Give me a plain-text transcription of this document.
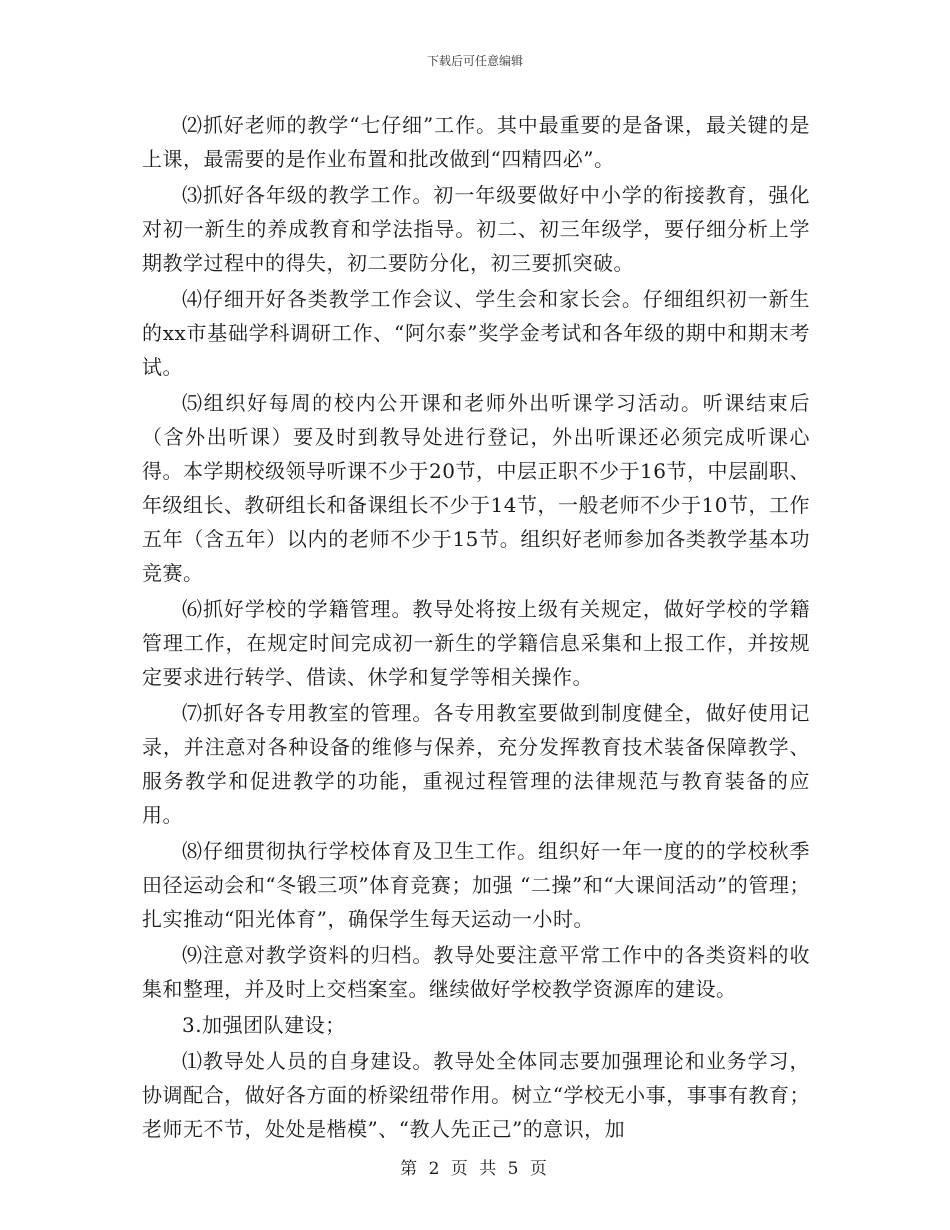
下载后可任意编辑

⑵抓好老师的教学“七仔细”工作。其中最重要的是备课，最关键的是上课，最需要的是作业布置和批改做到“四精四必”。

⑶抓好各年级的教学工作。初一年级要做好中小学的衔接教育，强化对初一新生的养成教育和学法指导。初二、初三年级学，要仔细分析上学期教学过程中的得失，初二要防分化，初三要抓突破。

⑷仔细开好各类教学工作会议、学生会和家长会。仔细组织初一新生的xx市基础学科调研工作、“阿尔泰”奖学金考试和各年级的期中和期末考试。

⑸组织好每周的校内公开课和老师外出听课学习活动。听课结束后（含外出听课）要及时到教导处进行登记，外出听课还必须完成听课心得。本学期校级领导听课不少于20节，中层正职不少于16节，中层副职、年级组长、教研组长和备课组长不少于14节，一般老师不少于10节，工作五年（含五年）以内的老师不少于15节。组织好老师参加各类教学基本功竞赛。

⑹抓好学校的学籍管理。教导处将按上级有关规定，做好学校的学籍管理工作，在规定时间完成初一新生的学籍信息采集和上报工作，并按规定要求进行转学、借读、休学和复学等相关操作。

⑺抓好各专用教室的管理。各专用教室要做到制度健全，做好使用记录，并注意对各种设备的维修与保养，充分发挥教育技术装备保障教学、服务教学和促进教学的功能，重视过程管理的法律规范与教育装备的应用。

⑻仔细贯彻执行学校体育及卫生工作。组织好一年一度的的学校秋季田径运动会和“冬锻三项”体育竞赛；加强 “二操”和“大课间活动”的管理；扎实推动“阳光体育”，确保学生每天运动一小时。

⑼注意对教学资料的归档。教导处要注意平常工作中的各类资料的收集和整理，并及时上交档案室。继续做好学校教学资源库的建设。

3.加强团队建设；

⑴教导处人员的自身建设。教导处全体同志要加强理论和业务学习，协调配合，做好各方面的桥梁纽带作用。树立“学校无小事，事事有教育；老师无不节，处处是楷模”、“教人先正己”的意识，加

第 2 页 共 5 页
